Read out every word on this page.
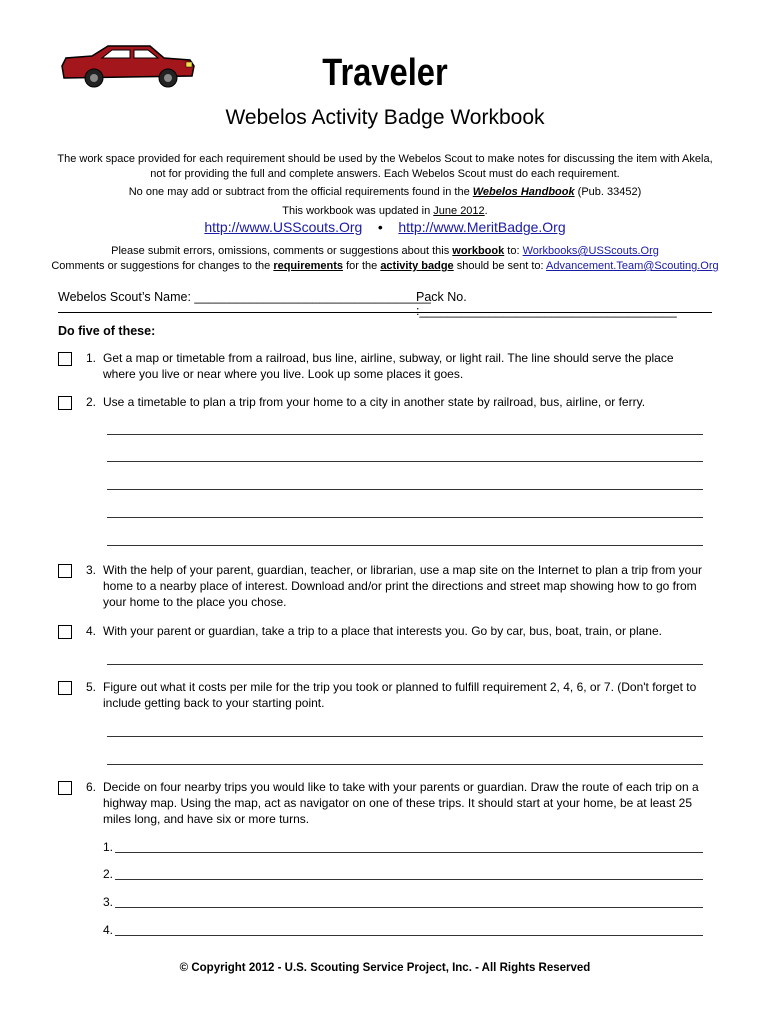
Traveler
Webelos Activity Badge Workbook
The work space provided for each requirement should be used by the Webelos Scout to make notes for discussing the item with Akela, not for providing the full and complete answers. Each Webelos Scout must do each requirement.
No one may add or subtract from the official requirements found in the Webelos Handbook (Pub. 33452)
This workbook was updated in June 2012.
http://www.USScouts.Org • http://www.MeritBadge.Org
Please submit errors, omissions, comments or suggestions about this workbook to: Workbooks@USScouts.Org
Comments or suggestions for changes to the requirements for the activity badge should be sent to: Advancement.Team@Scouting.Org
Webelos Scout’s Name: __________________________________
Pack No. :_____________________________________
Do five of these:
1. Get a map or timetable from a railroad, bus line, airline, subway, or light rail. The line should serve the place where you live or near where you live. Look up some places it goes.
2. Use a timetable to plan a trip from your home to a city in another state by railroad, bus, airline, or ferry.
3. With the help of your parent, guardian, teacher, or librarian, use a map site on the Internet to plan a trip from your home to a nearby place of interest. Download and/or print the directions and street map showing how to go from your home to the place you chose.
4. With your parent or guardian, take a trip to a place that interests you. Go by car, bus, boat, train, or plane.
5. Figure out what it costs per mile for the trip you took or planned to fulfill requirement 2, 4, 6, or 7. (Don't forget to include getting back to your starting point.
6. Decide on four nearby trips you would like to take with your parents or guardian. Draw the route of each trip on a highway map. Using the map, act as navigator on one of these trips. It should start at your home, be at least 25 miles long, and have six or more turns.
1.
2.
3.
4.
© Copyright 2012 - U.S. Scouting Service Project, Inc. - All Rights Reserved
